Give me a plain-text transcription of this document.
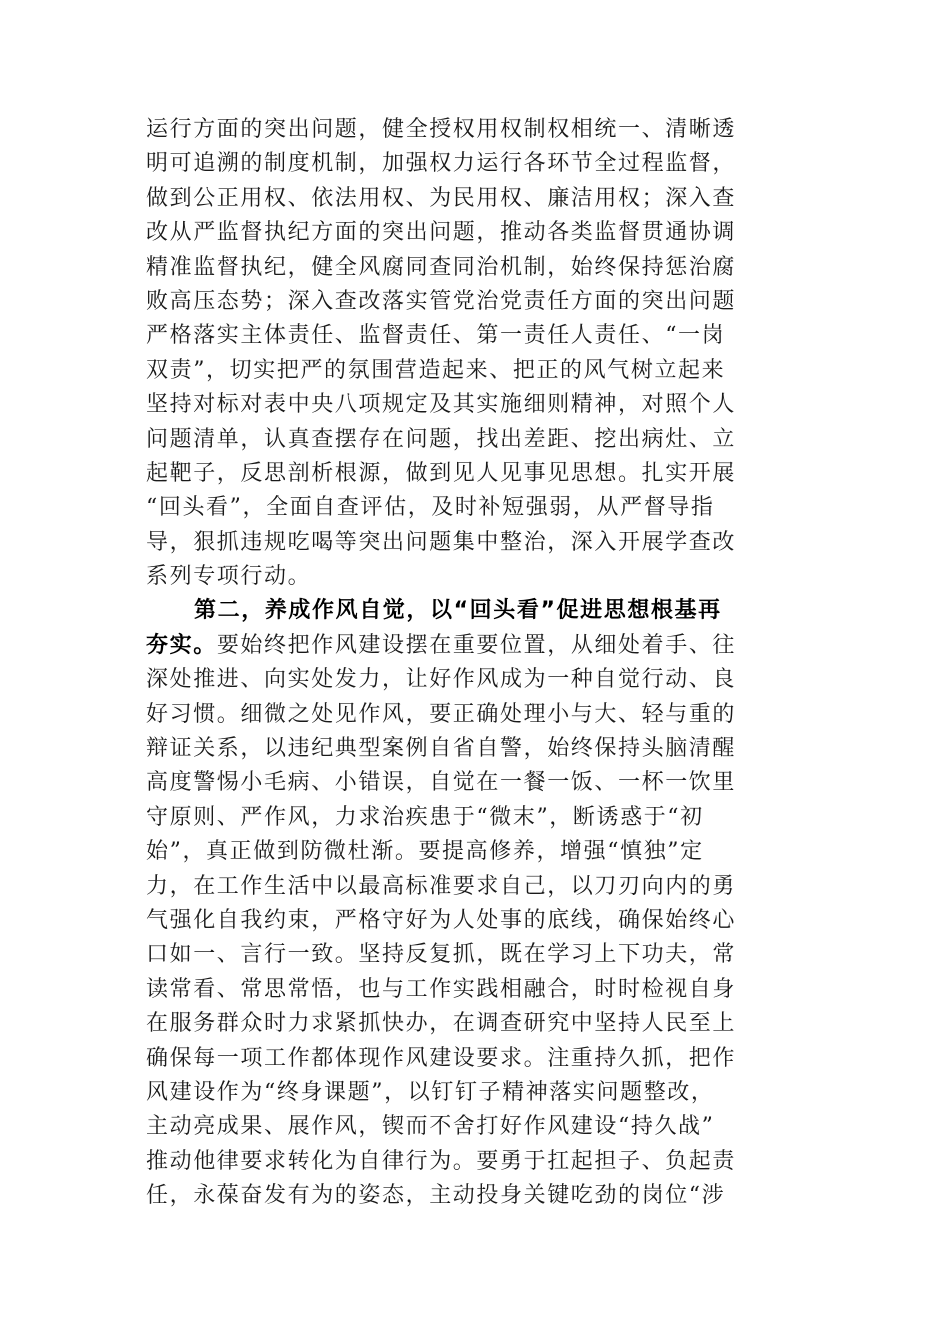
运行方面的突出问题，健全授权用权制权相统一、清晰透
明可追溯的制度机制，加强权力运行各环节全过程监督，
做到公正用权、依法用权、为民用权、廉洁用权；深入查
改从严监督执纪方面的突出问题，推动各类监督贯通协调
精准监督执纪，健全风腐同查同治机制，始终保持惩治腐
败高压态势；深入查改落实管党治党责任方面的突出问题
严格落实主体责任、监督责任、第一责任人责任、“一岗
双责”，切实把严的氛围营造起来、把正的风气树立起来
坚持对标对表中央八项规定及其实施细则精神，对照个人
问题清单，认真查摆存在问题，找出差距、挖出病灶、立
起靶子，反思剖析根源，做到见人见事见思想。扎实开展
“回头看”，全面自查评估，及时补短强弱，从严督导指
导，狠抓违规吃喝等突出问题集中整治，深入开展学查改
系列专项行动。
第二，养成作风自觉，以“回头看”促进思想根基再
夯实。要始终把作风建设摆在重要位置，从细处着手、往
深处推进、向实处发力，让好作风成为一种自觉行动、良
好习惯。细微之处见作风，要正确处理小与大、轻与重的
辩证关系，以违纪典型案例自省自警，始终保持头脑清醒
高度警惕小毛病、小错误，自觉在一餐一饭、一杯一饮里
守原则、严作风，力求治疾患于“微末”，断诱惑于“初
始”，真正做到防微杜渐。要提高修养，增强“慎独”定
力，在工作生活中以最高标准要求自己，以刀刃向内的勇
气强化自我约束，严格守好为人处事的底线，确保始终心
口如一、言行一致。坚持反复抓，既在学习上下功夫，常
读常看、常思常悟，也与工作实践相融合，时时检视自身
在服务群众时力求紧抓快办，在调查研究中坚持人民至上
确保每一项工作都体现作风建设要求。注重持久抓，把作
风建设作为“终身课题”，以钉钉子精神落实问题整改，
主动亮成果、展作风，锲而不舍打好作风建设“持久战”
推动他律要求转化为自律行为。要勇于扛起担子、负起责
任，永葆奋发有为的姿态，主动投身关键吃劲的岗位“涉
